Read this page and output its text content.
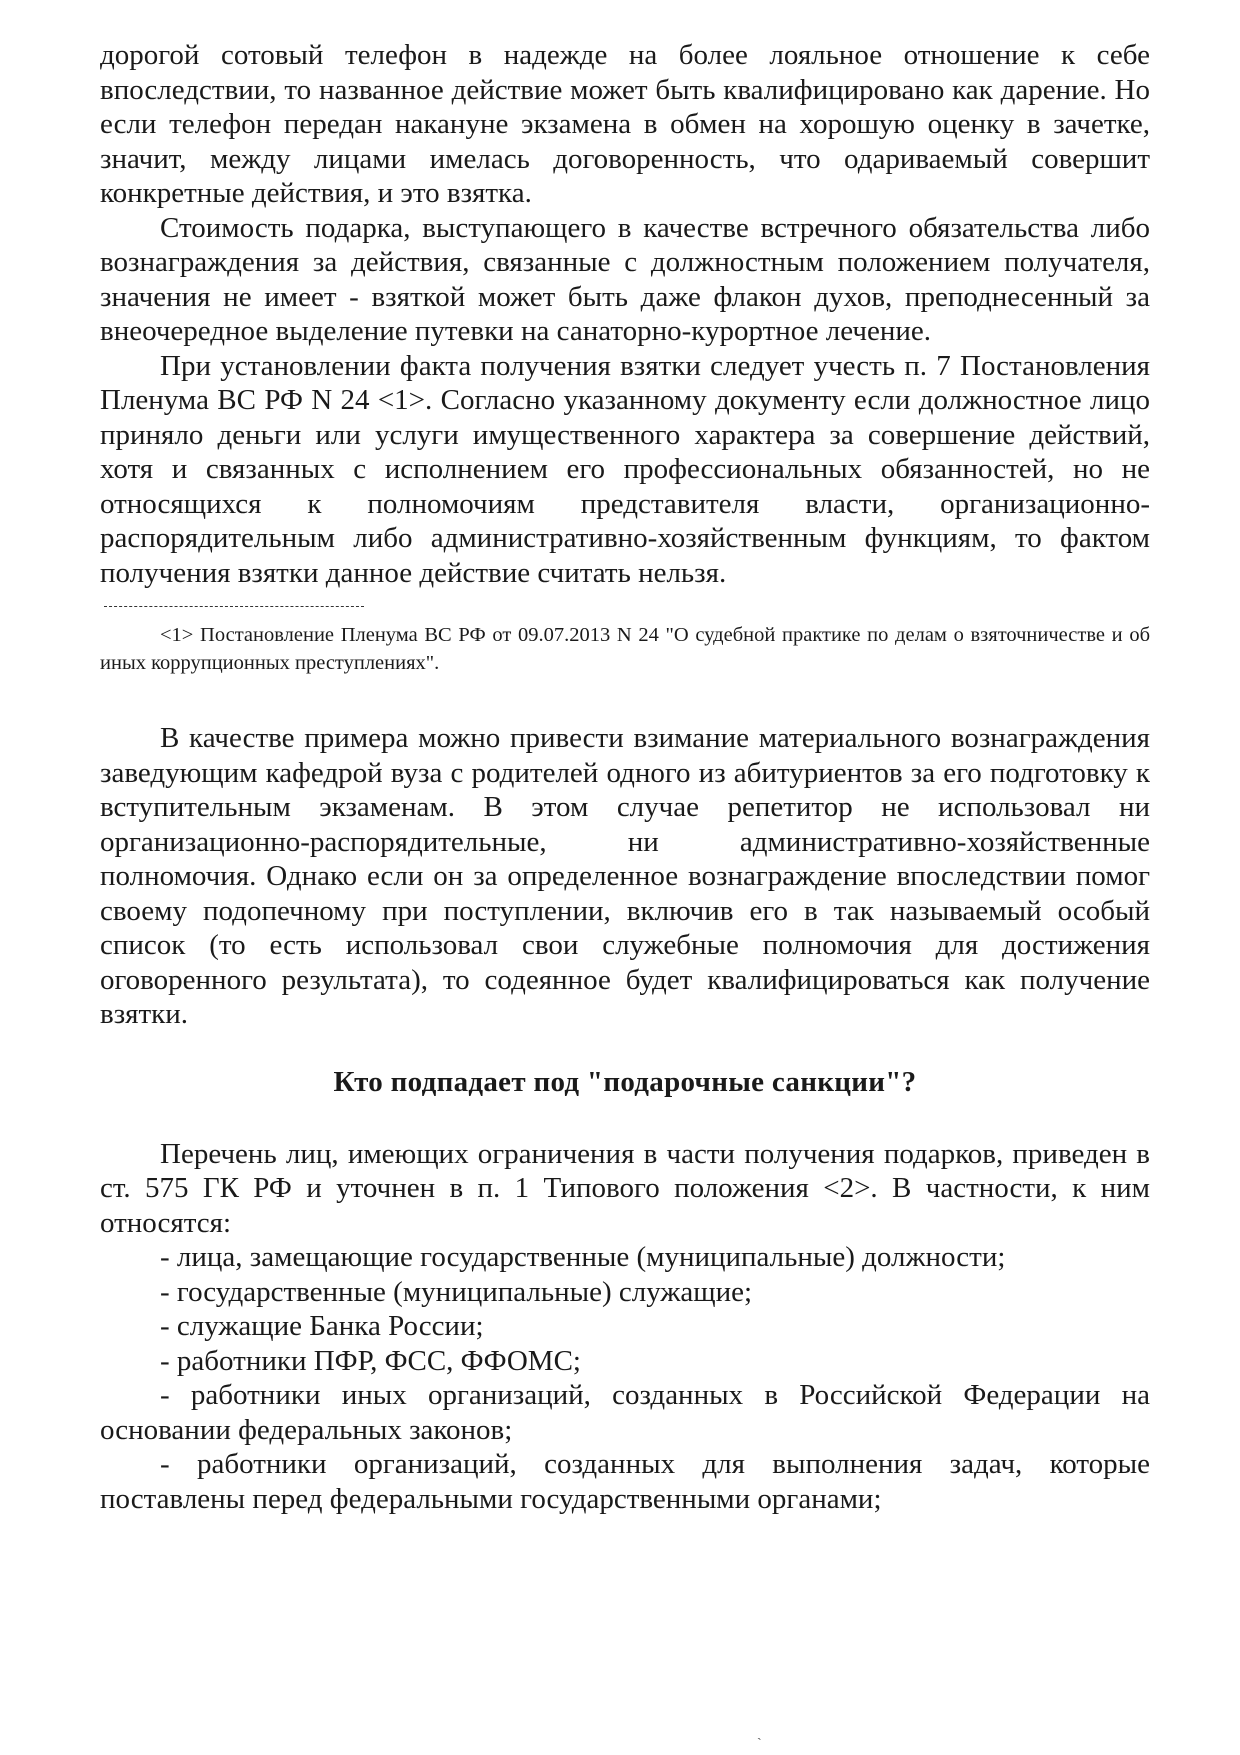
дорогой сотовый телефон в надежде на более лояльное отношение к себе впоследствии, то названное действие может быть квалифицировано как дарение. Но если телефон передан накануне экзамена в обмен на хорошую оценку в зачетке, значит, между лицами имелась договоренность, что одариваемый совершит конкретные действия, и это взятка.

Стоимость подарка, выступающего в качестве встречного обязательства либо вознаграждения за действия, связанные с должностным положением получателя, значения не имеет - взяткой может быть даже флакон духов, преподнесенный за внеочередное выделение путевки на санаторно-курортное лечение.

При установлении факта получения взятки следует учесть п. 7 Постановления Пленума ВС РФ N 24 <1>. Согласно указанному документу если должностное лицо приняло деньги или услуги имущественного характера за совершение действий, хотя и связанных с исполнением его профессиональных обязанностей, но не относящихся к полномочиям представителя власти, организационно-распорядительным либо административно-хозяйственным функциям, то фактом получения взятки данное действие считать нельзя.

<1> Постановление Пленума ВС РФ от 09.07.2013 N 24 "О судебной практике по делам о взяточничестве и об иных коррупционных преступлениях".

В качестве примера можно привести взимание материального вознаграждения заведующим кафедрой вуза с родителей одного из абитуриентов за его подготовку к вступительным экзаменам. В этом случае репетитор не использовал ни организационно-распорядительные, ни административно-хозяйственные полномочия. Однако если он за определенное вознаграждение впоследствии помог своему подопечному при поступлении, включив его в так называемый особый список (то есть использовал свои служебные полномочия для достижения оговоренного результата), то содеянное будет квалифицироваться как получение взятки.

Кто подпадает под "подарочные санкции"?

Перечень лиц, имеющих ограничения в части получения подарков, приведен в ст. 575 ГК РФ и уточнен в п. 1 Типового положения <2>. В частности, к ним относятся:

- лица, замещающие государственные (муниципальные) должности;
- государственные (муниципальные) служащие;
- служащие Банка России;
- работники ПФР, ФСС, ФФОМС;
- работники иных организаций, созданных в Российской Федерации на основании федеральных законов;
- работники организаций, созданных для выполнения задач, которые поставлены перед федеральными государственными органами;
ˏ
